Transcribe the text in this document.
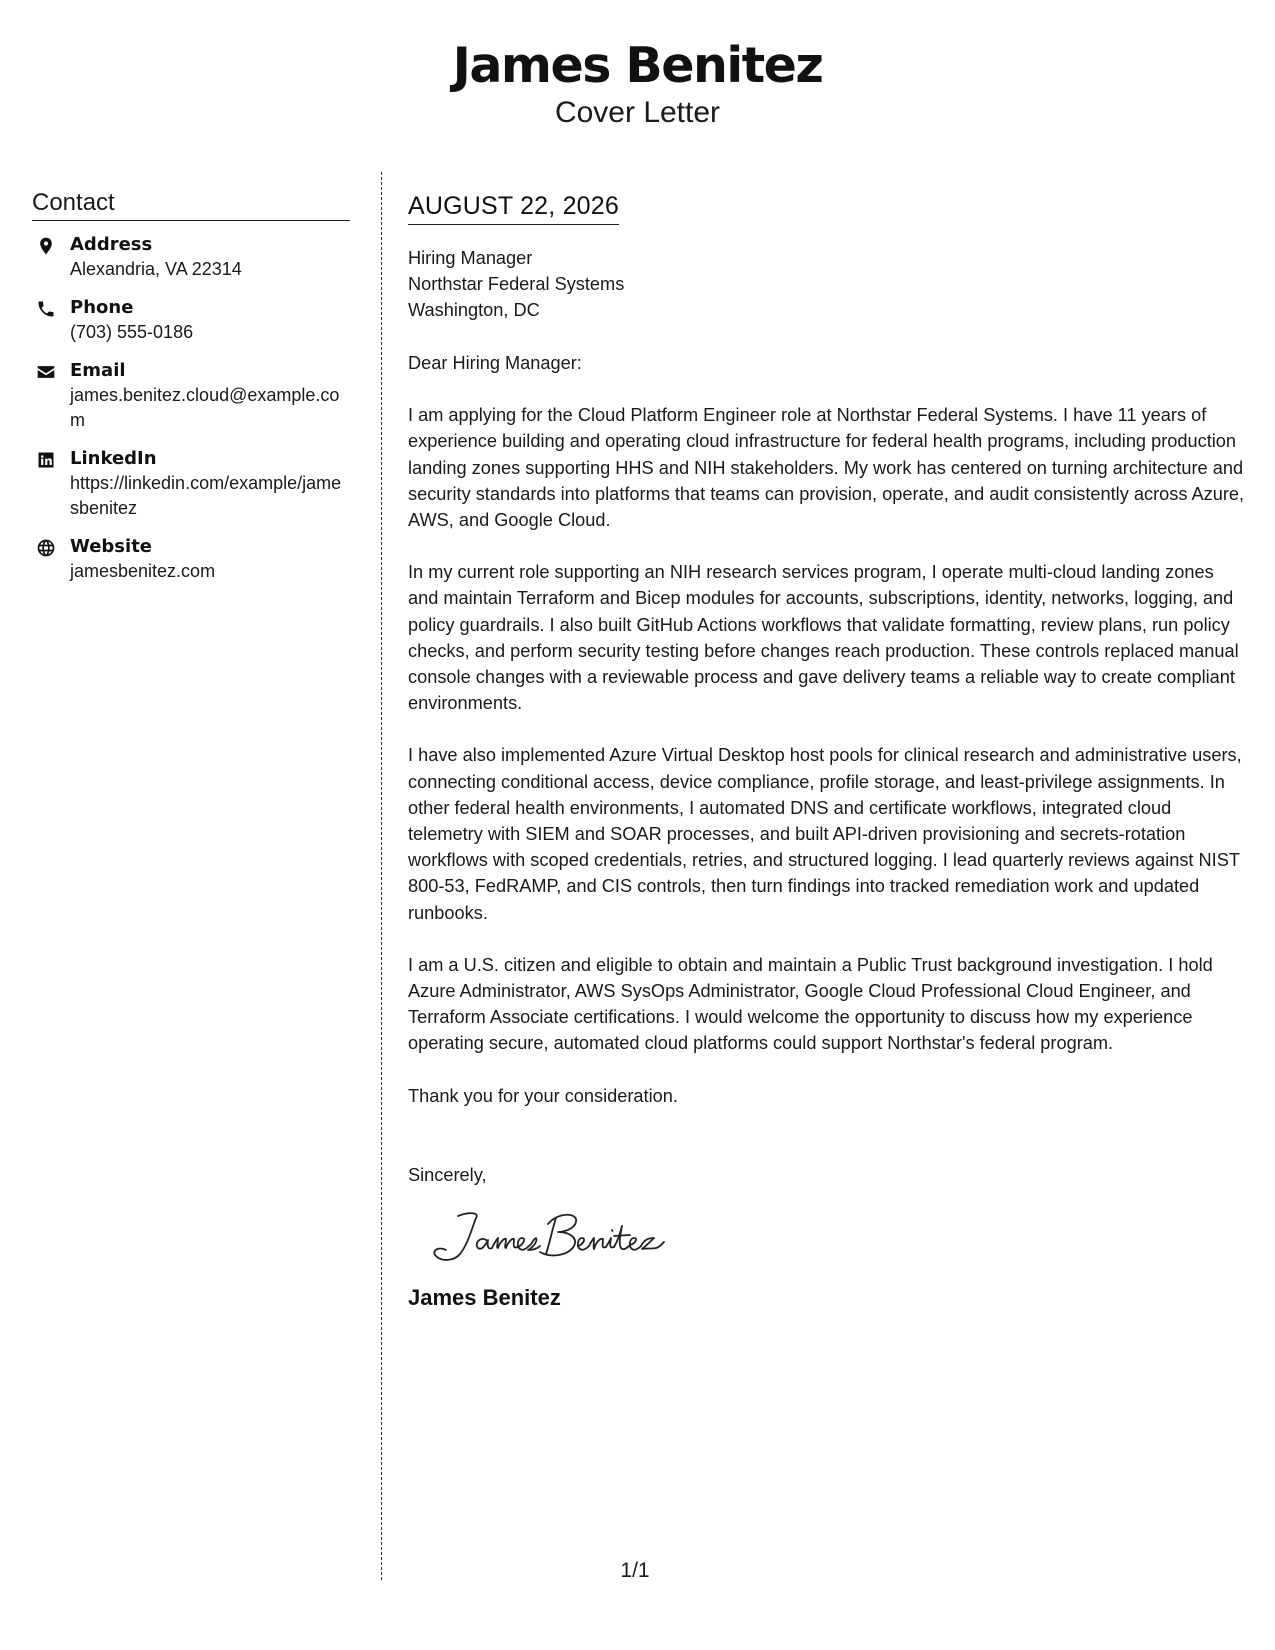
James Benitez
Cover Letter
Contact
Address
Alexandria, VA 22314
Phone
(703) 555-0186
Email
james.benitez.cloud@example.com
LinkedIn
https://linkedin.com/example/jamesbenitez
Website
jamesbenitez.com
AUGUST 22, 2026
Hiring Manager
Northstar Federal Systems
Washington, DC
Dear Hiring Manager:
I am applying for the Cloud Platform Engineer role at Northstar Federal Systems. I have 11 years of experience building and operating cloud infrastructure for federal health programs, including production landing zones supporting HHS and NIH stakeholders. My work has centered on turning architecture and security standards into platforms that teams can provision, operate, and audit consistently across Azure, AWS, and Google Cloud.
In my current role supporting an NIH research services program, I operate multi-cloud landing zones and maintain Terraform and Bicep modules for accounts, subscriptions, identity, networks, logging, and policy guardrails. I also built GitHub Actions workflows that validate formatting, review plans, run policy checks, and perform security testing before changes reach production. These controls replaced manual console changes with a reviewable process and gave delivery teams a reliable way to create compliant environments.
I have also implemented Azure Virtual Desktop host pools for clinical research and administrative users, connecting conditional access, device compliance, profile storage, and least-privilege assignments. In other federal health environments, I automated DNS and certificate workflows, integrated cloud telemetry with SIEM and SOAR processes, and built API-driven provisioning and secrets-rotation workflows with scoped credentials, retries, and structured logging. I lead quarterly reviews against NIST 800-53, FedRAMP, and CIS controls, then turn findings into tracked remediation work and updated runbooks.
I am a U.S. citizen and eligible to obtain and maintain a Public Trust background investigation. I hold Azure Administrator, AWS SysOps Administrator, Google Cloud Professional Cloud Engineer, and Terraform Associate certifications. I would welcome the opportunity to discuss how my experience operating secure, automated cloud platforms could support Northstar's federal program.
Thank you for your consideration.
Sincerely,
James Benitez
1/1
